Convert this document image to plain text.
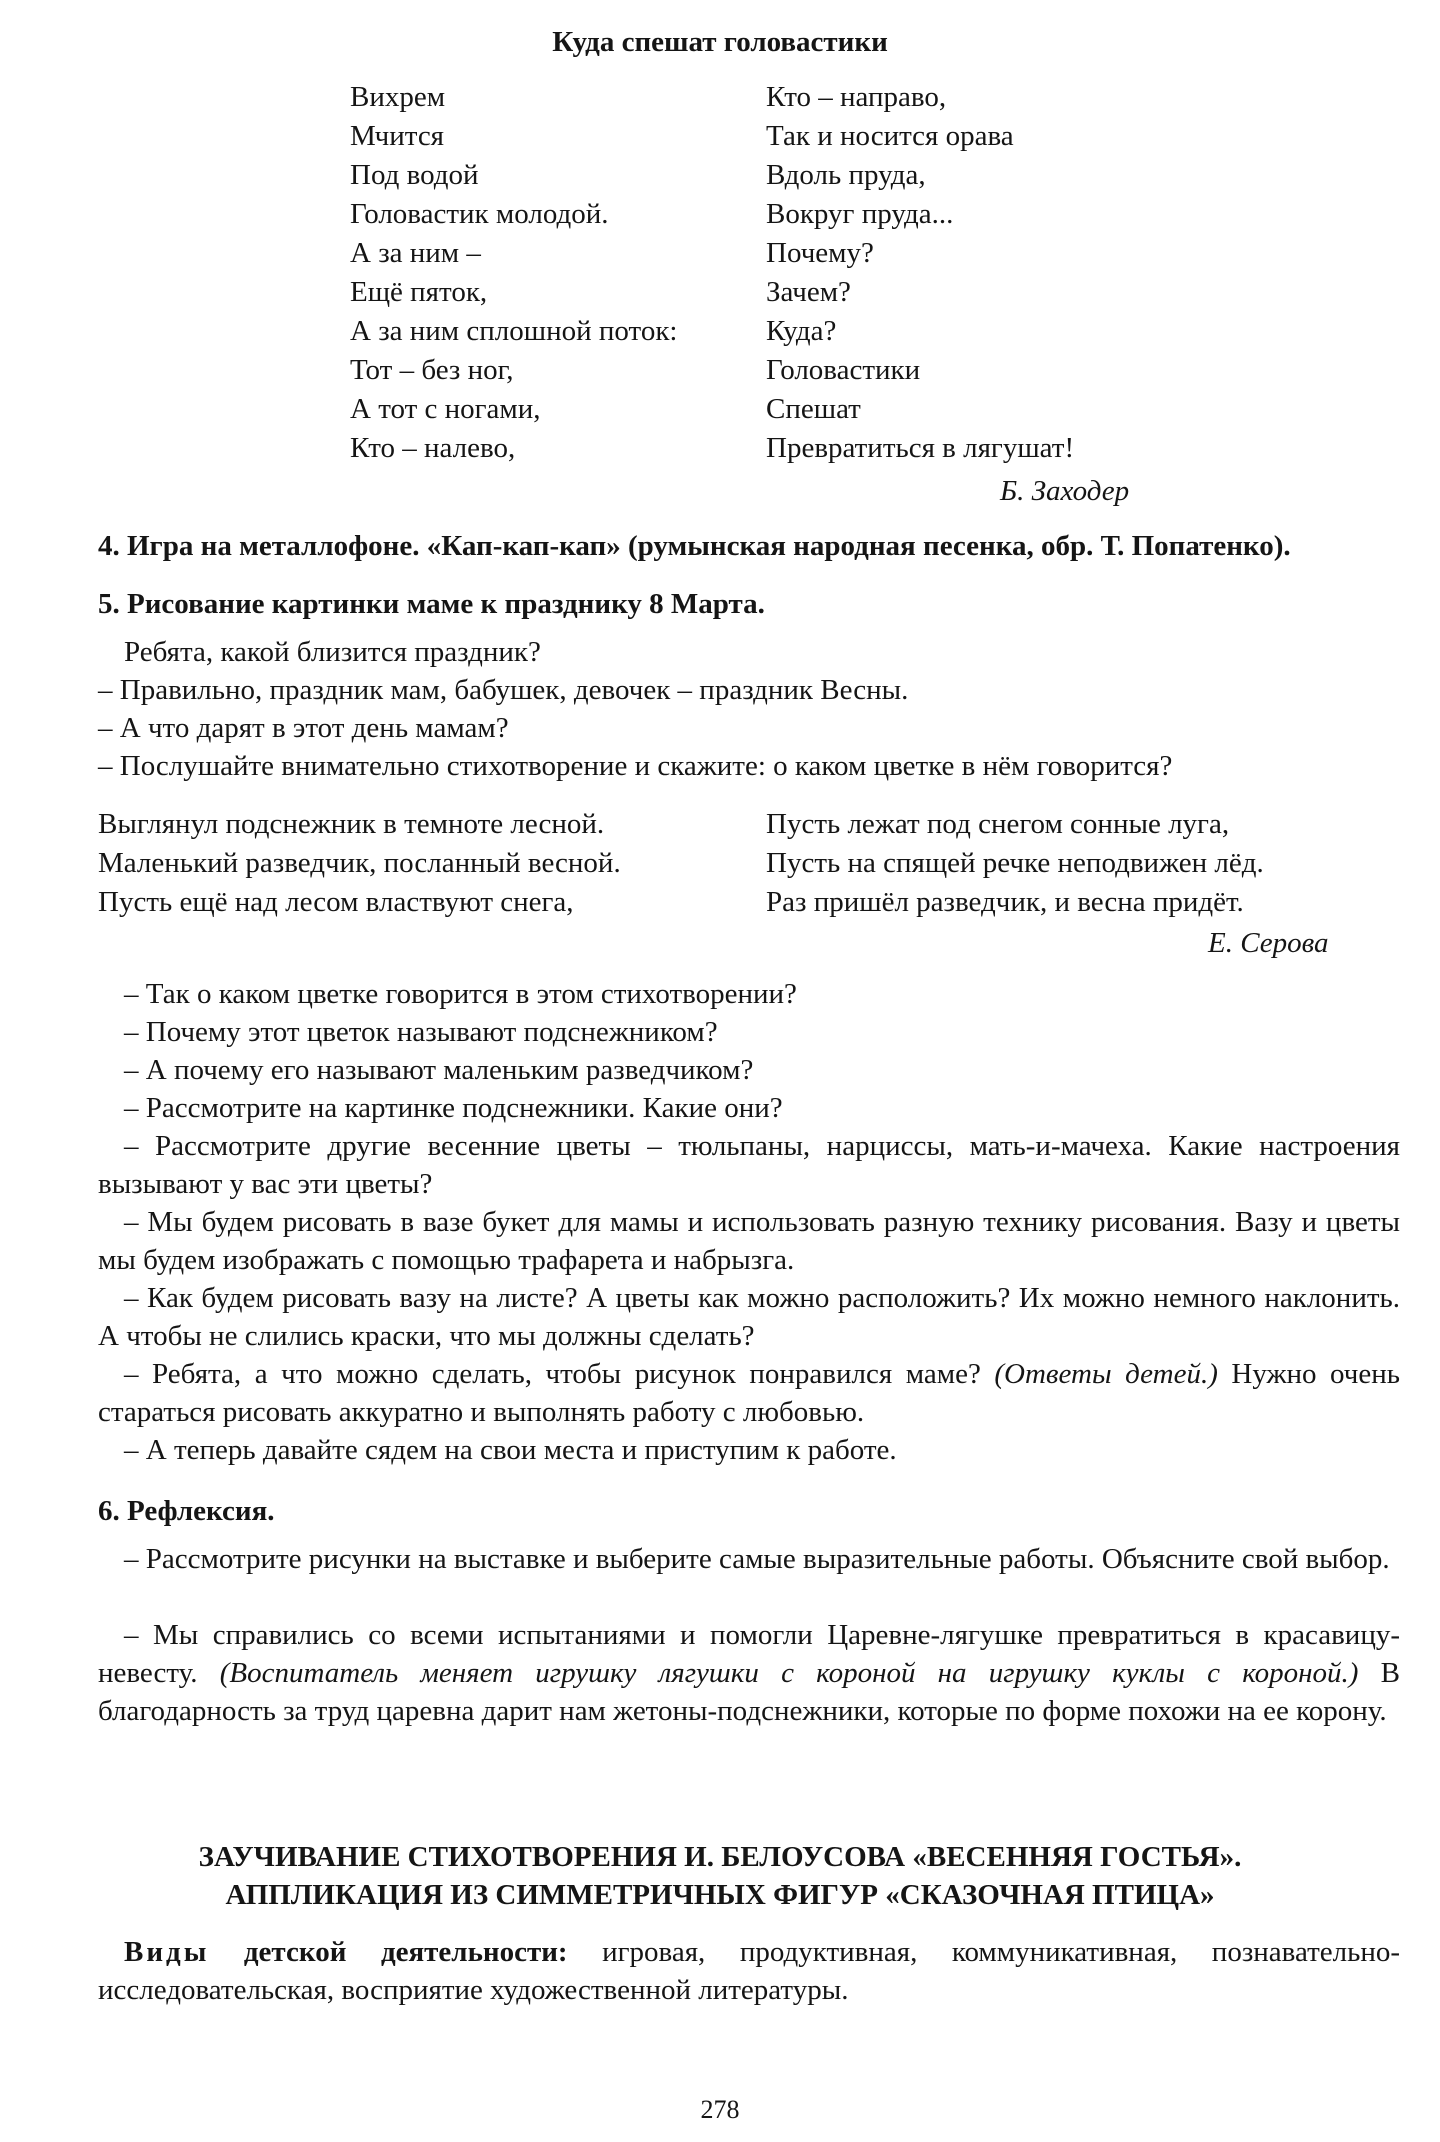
Куда спешат головастики
Вихрем
Мчится
Под водой
Головастик молодой.
А за ним –
Ещё пяток,
А за ним сплошной поток:
Тот – без ног,
А тот с ногами,
Кто – налево,
Кто – направо,
Так и носится орава
Вдоль пруда,
Вокруг пруда...
Почему?
Зачем?
Куда?
Головастики
Спешат
Превратиться в лягушат!
Б. Заходер
4. Игра на металлофоне. «Кап-кап-кап» (румынская народная песенка, обр. Т. Попатенко).
5. Рисование картинки маме к празднику 8 Марта.
Ребята, какой близится праздник?
– Правильно, праздник мам, бабушек, девочек – праздник Весны.
– А что дарят в этот день мамам?
– Послушайте внимательно стихотворение и скажите: о каком цветке в нём говорится?
Выглянул подснежник в темноте лесной.
Маленький разведчик, посланный весной.
Пусть ещё над лесом властвуют снега,
Пусть лежат под снегом сонные луга,
Пусть на спящей речке неподвижен лёд.
Раз пришёл разведчик, и весна придёт.
Е. Серова
– Так о каком цветке говорится в этом стихотворении?
– Почему этот цветок называют подснежником?
– А почему его называют маленьким разведчиком?
– Рассмотрите на картинке подснежники. Какие они?
– Рассмотрите другие весенние цветы – тюльпаны, нарциссы, мать-и-мачеха. Какие настроения вызывают у вас эти цветы?
– Мы будем рисовать в вазе букет для мамы и использовать разную технику рисования. Вазу и цветы мы будем изображать с помощью трафарета и набрызга.
– Как будем рисовать вазу на листе? А цветы как можно расположить? Их можно немного наклонить. А чтобы не слились краски, что мы должны сделать?
– Ребята, а что можно сделать, чтобы рисунок понравился маме? (Ответы детей.) Нужно очень стараться рисовать аккуратно и выполнять работу с любовью.
– А теперь давайте сядем на свои места и приступим к работе.
6. Рефлексия.
– Рассмотрите рисунки на выставке и выберите самые выразительные работы. Объясните свой выбор.
– Мы справились со всеми испытаниями и помогли Царевне-лягушке превратиться в красавицу-невесту. (Воспитатель меняет игрушку лягушки с короной на игрушку куклы с короной.) В благодарность за труд царевна дарит нам жетоны-подснежники, которые по форме похожи на ее корону.
ЗАУЧИВАНИЕ СТИХОТВОРЕНИЯ И. БЕЛОУСОВА «ВЕСЕННЯЯ ГОСТЬЯ».
АППЛИКАЦИЯ ИЗ СИММЕТРИЧНЫХ ФИГУР «СКАЗОЧНАЯ ПТИЦА»
Виды детской деятельности: игровая, продуктивная, коммуникативная, познавательно-исследовательская, восприятие художественной литературы.
278
